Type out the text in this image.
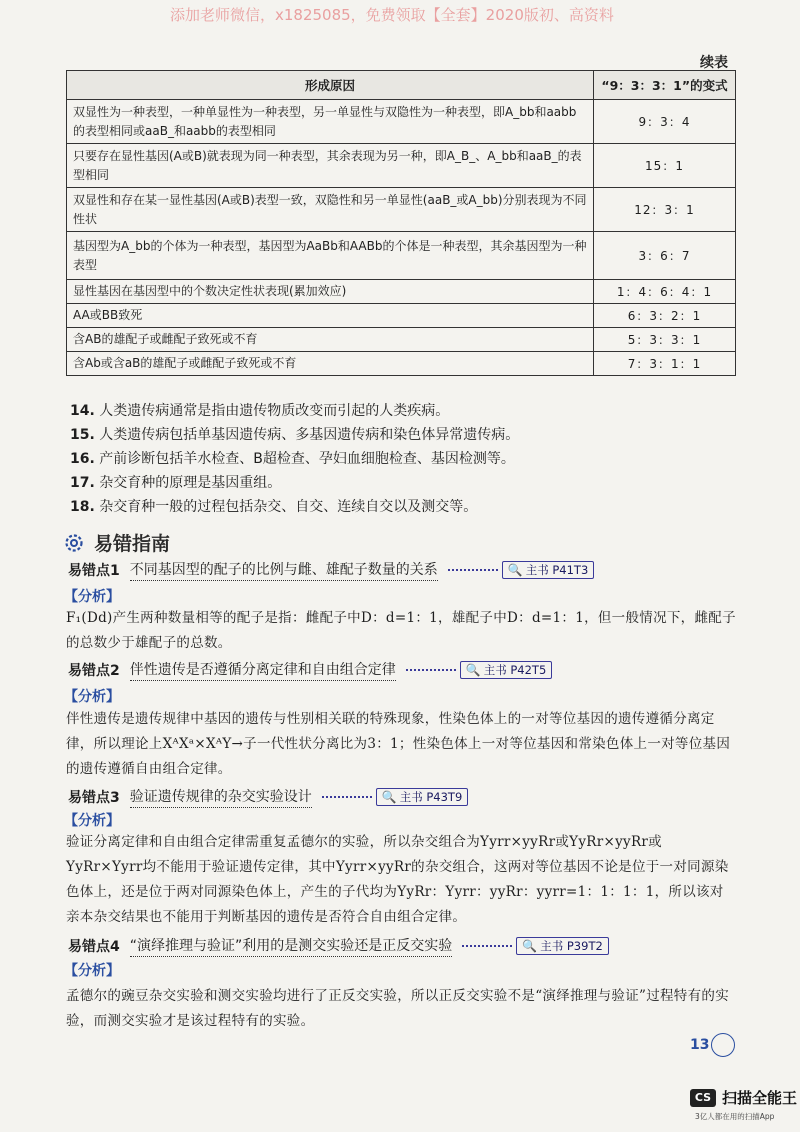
添加老师微信，x1825085，免费领取【全套】2020版初、高资料
续表
形成原因	“9：3：3：1”的变式
双显性为一种表型，一种单显性为一种表型，另一单显性与双隐性为一种表型，即A_bb和aabb的表型相同或aaB_和aabb的表型相同	9：3：4
只要存在显性基因(A或B)就表现为同一种表型，其余表现为另一种，即A_B_、A_bb和aaB_的表型相同	15：1
双显性和存在某一显性基因(A或B)表型一致，双隐性和另一单显性(aaB_或A_bb)分别表现为不同性状	12：3：1
基因型为A_bb的个体为一种表型，基因型为AaBb和AABb的个体是一种表型，其余基因型为一种表型	3：6：7
显性基因在基因型中的个数决定性状表现(累加效应)	1：4：6：4：1
AA或BB致死	6：3：2：1
含AB的雄配子或雌配子致死或不育	5：3：3：1
含Ab或含aB的雄配子或雌配子致死或不育	7：3：1：1
14. 人类遗传病通常是指由遗传物质改变而引起的人类疾病。
15. 人类遗传病包括单基因遗传病、多基因遗传病和染色体异常遗传病。
16. 产前诊断包括羊水检查、B超检查、孕妇血细胞检查、基因检测等。
17. 杂交育种的原理是基因重组。
18. 杂交育种一般的过程包括杂交、自交、连续自交以及测交等。
易错指南
易错点1 不同基因型的配子的比例与雌、雄配子数量的关系	🔍 主书 P41T3
【分析】
F₁(Dd)产生两种数量相等的配子是指：雌配子中D：d=1：1，雄配子中D：d=1：1，但一般情况下，雌配子的总数少于雄配子的总数。
易错点2 伴性遗传是否遵循分离定律和自由组合定律	🔍 主书 P42T5
【分析】
伴性遗传是遗传规律中基因的遗传与性别相关联的特殊现象，性染色体上的一对等位基因的遗传遵循分离定律，所以理论上XᴬXᵃ×XᴬY→子一代性状分离比为3：1；性染色体上一对等位基因和常染色体上一对等位基因的遗传遵循自由组合定律。
易错点3 验证遗传规律的杂交实验设计	🔍 主书 P43T9
【分析】
验证分离定律和自由组合定律需重复孟德尔的实验，所以杂交组合为Yyrr×yyRr或YyRr×yyRr或YyRr×Yyrr均不能用于验证遗传定律，其中Yyrr×yyRr的杂交组合，这两对等位基因不论是位于一对同源染色体上，还是位于两对同源染色体上，产生的子代均为YyRr：Yyrr：yyRr：yyrr=1：1：1：1，所以该对亲本杂交结果也不能用于判断基因的遗传是否符合自由组合定律。
易错点4 “演绎推理与验证”利用的是测交实验还是正反交实验	🔍 主书 P39T2
【分析】
孟德尔的豌豆杂交实验和测交实验均进行了正反交实验，所以正反交实验不是“演绎推理与验证”过程特有的实验，而测交实验才是该过程特有的实验。
13
CS 扫描全能王
3亿人都在用的扫描App
